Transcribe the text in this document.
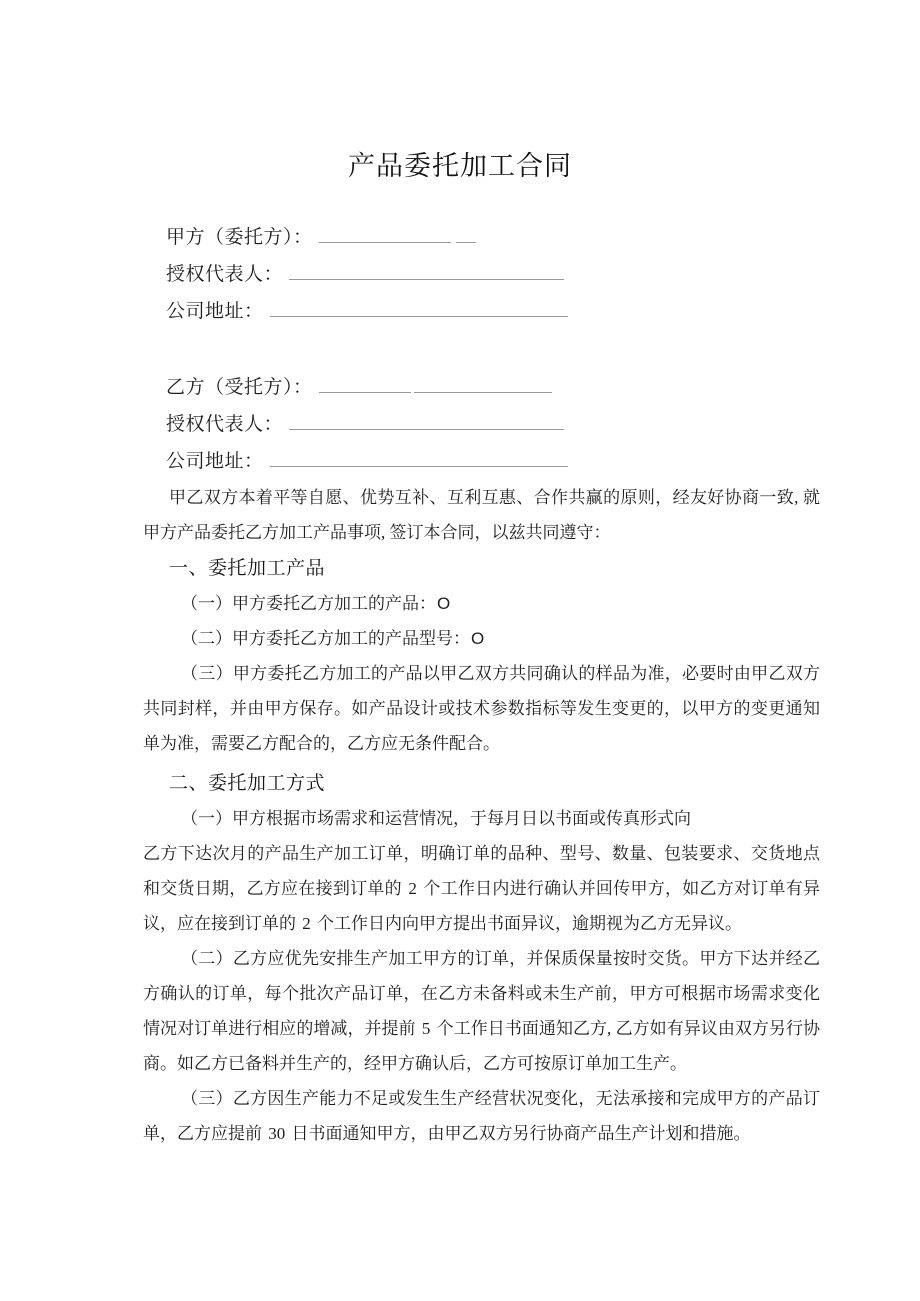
产品委托加工合同
甲方（委托方）：
授权代表人：
公司地址：
乙方（受托方）：
授权代表人：
公司地址：
甲乙双方本着平等自愿、优势互补、互利互惠、合作共赢的原则，经友好协商一致, 就甲方产品委托乙方加工产品事项, 签订本合同，以兹共同遵守：
一、委托加工产品
（一）甲方委托乙方加工的产品：O
（二）甲方委托乙方加工的产品型号：O
（三）甲方委托乙方加工的产品以甲乙双方共同确认的样品为准，必要时由甲乙双方共同封样，并由甲方保存。如产品设计或技术参数指标等发生变更的，以甲方的变更通知单为准，需要乙方配合的，乙方应无条件配合。
二、委托加工方式
（一）甲方根据市场需求和运营情况，于每月日以书面或传真形式向
乙方下达次月的产品生产加工订单，明确订单的品种、型号、数量、包装要求、交货地点和交货日期，乙方应在接到订单的 2 个工作日内进行确认并回传甲方，如乙方对订单有异议，应在接到订单的 2 个工作日内向甲方提出书面异议，逾期视为乙方无异议。
（二）乙方应优先安排生产加工甲方的订单，并保质保量按时交货。甲方下达并经乙方确认的订单，每个批次产品订单，在乙方未备料或未生产前，甲方可根据市场需求变化情况对订单进行相应的增减，并提前 5 个工作日书面通知乙方, 乙方如有异议由双方另行协商。如乙方已备料并生产的，经甲方确认后，乙方可按原订单加工生产。
（三）乙方因生产能力不足或发生生产经营状况变化，无法承接和完成甲方的产品订单，乙方应提前 30 日书面通知甲方，由甲乙双方另行协商产品生产计划和措施。
